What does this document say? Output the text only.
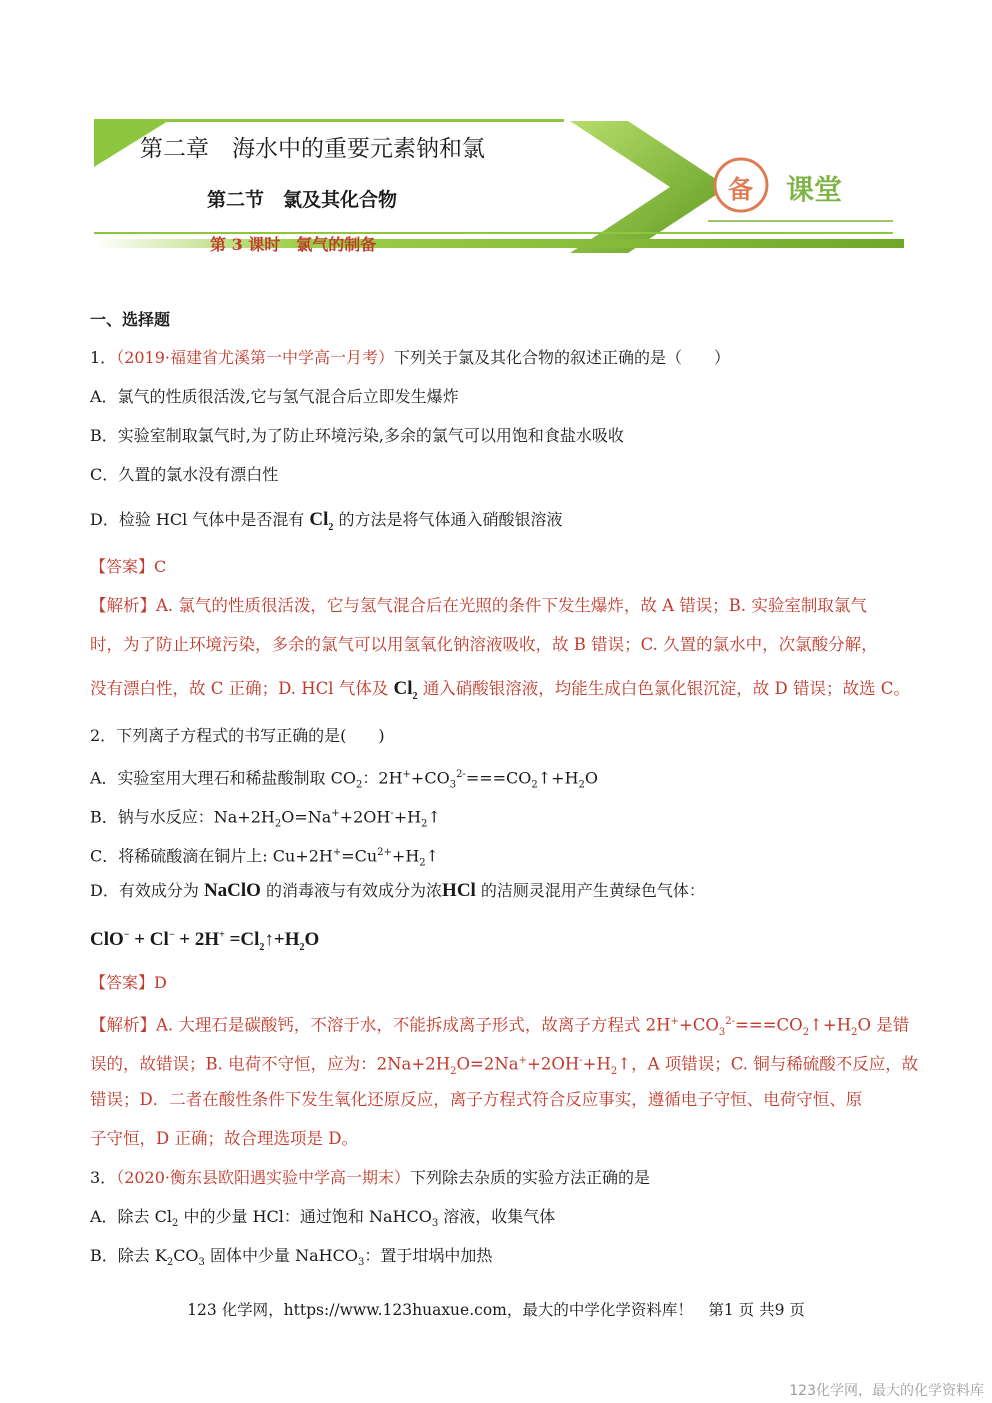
第二章　海水中的重要元素钠和氯
第二节　氯及其化合物
第 3 课时　氯气的制备
备 课堂
一、选择题
1．（2019·福建省尤溪第一中学高一月考）下列关于氯及其化合物的叙述正确的是（　　）
A．氯气的性质很活泼,它与氢气混合后立即发生爆炸
B．实验室制取氯气时,为了防止环境污染,多余的氯气可以用饱和食盐水吸收
C．久置的氯水没有漂白性
D．检验 HCl 气体中是否混有 $Cl_2$ 的方法是将气体通入硝酸银溶液
【答案】C
【解析】A. 氯气的性质很活泼，它与氢气混合后在光照的条件下发生爆炸，故 A 错误；B. 实验室制取氯气
时，为了防止环境污染，多余的氯气可以用氢氧化钠溶液吸收，故 B 错误；C. 久置的氯水中，次氯酸分解，
没有漂白性，故 C 正确；D. HCl 气体及 $Cl_2$ 通入硝酸银溶液，均能生成白色氯化银沉淀，故 D 错误；故选 C。
2．下列离子方程式的书写正确的是(　　)
A．实验室用大理石和稀盐酸制取 $CO_2$：$2H^++CO_3^{2-}===CO_2↑+H_2O$
B．钠与水反应：$Na+2H_2O=Na^++2OH^-+H_2↑$
C．将稀硫酸滴在铜片上: $Cu+2H^+=Cu^{2+}+H_2↑$
D．有效成分为 NaClO 的消毒液与有效成分为浓HCl 的洁厕灵混用产生黄绿色气体：
$ClO^- + Cl^- + 2H^+ =Cl_2↑+H_2O$
【答案】D
【解析】A. 大理石是碳酸钙，不溶于水，不能拆成离子形式，故离子方程式 $2H^++CO_3^{2-}===CO_2↑+H_2O$ 是错
误的，故错误；B. 电荷不守恒，应为：$2Na+2H_2O=2Na^++2OH^-+H_2↑$，A 项错误；C. 铜与稀硫酸不反应，故
错误；D．二者在酸性条件下发生氧化还原反应，离子方程式符合反应事实，遵循电子守恒、电荷守恒、原
子守恒，D 正确；故合理选项是 D。
3．（2020·衡东县欧阳遇实验中学高一期末）下列除去杂质的实验方法正确的是
A．除去 $Cl_2$ 中的少量 HCl：通过饱和 NaHCO$_3$ 溶液，收集气体
B．除去 $K_2CO_3$ 固体中少量 NaHCO$_3$：置于坩埚中加热
123 化学网，https://www.123huaxue.com，最大的中学化学资料库！　第1 页 共9 页
123化学网，最大的化学资料库
